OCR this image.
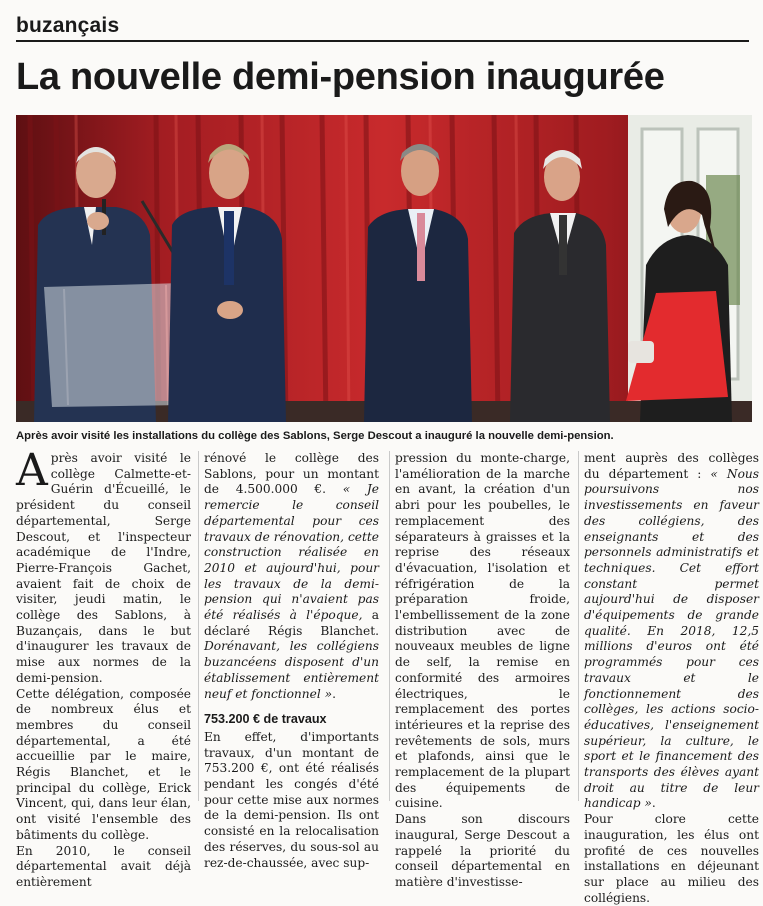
buzançais
La nouvelle demi-pension inaugurée
Après avoir visité les installations du collège des Sablons, Serge Descout a inauguré la nouvelle demi-pension.

Après avoir visité le collège Calmette-et-Guérin d'Écueillé, le président du conseil départemental, Serge Descout, et l'inspecteur académique de l'Indre, Pierre-François Gachet, avaient fait de choix de visiter, jeudi matin, le collège des Sablons, à Buzançais, dans le but d'inaugurer les travaux de mise aux normes de la demi-pension.

Cette délégation, composée de nombreux élus et membres du conseil départemental, a été accueillie par le maire, Régis Blanchet, et le principal du collège, Erick Vincent, qui, dans leur élan, ont visité l'ensemble des bâtiments du collège.

En 2010, le conseil départemental avait déjà entièrement

rénové le collège des Sablons, pour un montant de 4.500.000 €. « Je remercie le conseil départemental pour ces travaux de rénovation, cette construction réalisée en 2010 et aujourd'hui, pour les travaux de la demi-pension qui n'avaient pas été réalisés à l'époque, a déclaré Régis Blanchet. Dorénavant, les collégiens buzancéens disposent d'un établissement entièrement neuf et fonctionnel ».

753.200 € de travaux

En effet, d'importants travaux, d'un montant de 753.200 €, ont été réalisés pendant les congés d'été pour cette mise aux normes de la demi-pension. Ils ont consisté en la relocalisation des réserves, du sous-sol au rez-de-chaussée, avec sup-

pression du monte-charge, l'amélioration de la marche en avant, la création d'un abri pour les poubelles, le remplacement des séparateurs à graisses et la reprise des réseaux d'évacuation, l'isolation et réfrigération de la préparation froide, l'embellissement de la zone distribution avec de nouveaux meubles de ligne de self, la remise en conformité des armoires électriques, le remplacement des portes intérieures et la reprise des revêtements de sols, murs et plafonds, ainsi que le remplacement de la plupart des équipements de cuisine.

Dans son discours inaugural, Serge Descout a rappelé la priorité du conseil départemental en matière d'investisse-

ment auprès des collèges du département : « Nous poursuivons nos investissements en faveur des collégiens, des enseignants et des personnels administratifs et techniques. Cet effort constant permet aujourd'hui de disposer d'équipements de grande qualité. En 2018, 12,5 millions d'euros ont été programmés pour ces travaux et le fonctionnement des collèges, les actions socio-éducatives, l'enseignement supérieur, la culture, le sport et le financement des transports des élèves ayant droit au titre de leur handicap ».

Pour clore cette inauguration, les élus ont profité de ces nouvelles installations en déjeunant sur place au milieu des collégiens.
